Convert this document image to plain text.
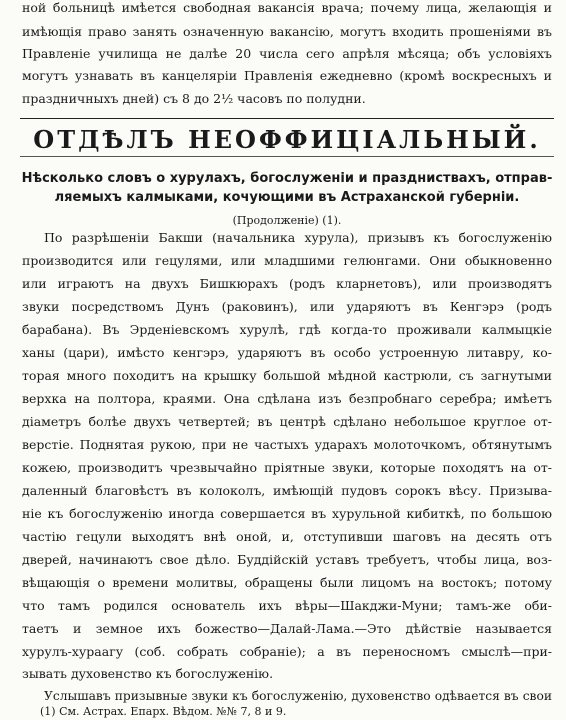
ной больницѣ имѣется свободная вакансія врача; почему лица, желающія и
имѣющія право занять означенную вакансію, могутъ входить прошеніями въ
Правленіе училища не далѣе 20 числа сего апрѣля мѣсяца; объ условіяхъ
могутъ узнавать въ канцеляріи Правленія ежедневно (кромѣ воскресныхъ и
праздничныхъ дней) съ 8 до 2½ часовъ по полудни.
ОТДѢЛЪ НЕОФФИЦІАЛЬНЫЙ.
Нѣсколько словъ о хурулахъ, богослуженіи и праздниствахъ, отправ-
ляемыхъ калмыками, кочующими въ Астраханской губерніи.
(Продолженіе) (1).
По разрѣшеніи Бакши (начальника хурула), призывъ къ богослуженію
производится или гецулями, или младшими гелюнгами. Они обыкновенно
или играютъ на двухъ Бишкюрахъ (родъ кларнетовъ), или производятъ
звуки посредствомъ Дунъ (раковинъ), или ударяютъ въ Кенгэрэ (родъ
барабана). Въ Эрдeніевскомъ хурулѣ, гдѣ когда-то проживали калмыцкіе
ханы (цари), имѣсто кенгэрэ, ударяютъ въ особо устроенную литавру, ко-
торая много походитъ на крышку большой мѣдной кастрюли, съ загнутыми
верхка на полтора, краями. Она сдѣлана изъ безпробнаго серебра; имѣетъ
діаметръ болѣе двухъ четвертей; въ центрѣ сдѣлано небольшое круглое от-
верстіе. Поднятая рукою, при не частыхъ ударахъ молоточкомъ, обтянутымъ
кожею, производитъ чрезвычайно пріятные звуки, которые походятъ на от-
даленный благовѣстъ въ колоколъ, имѣющій пудовъ сорокъ вѣсу. Призыва-
ніе къ богослуженію иногда совершается въ хурульной кибиткѣ, по большою
частію гецули выходятъ внѣ оной, и, отступивши шаговъ на десять отъ
дверей, начинаютъ свое дѣло. Буддійскій уставъ требуетъ, чтобы лица, воз-
вѣщающія о времени молитвы, обращены были лицомъ на востокъ; потому
что тамъ родился основатель ихъ вѣры—Шакджи-Муни; тамъ-же оби-
таетъ и земное ихъ божество—Далай-Лама.—Это дѣйствіе называется
хурулъ-хураагу (соб. собрать собраніе); а въ переносномъ смыслѣ—при-
зывать духовенство къ богослуженію.
Услышавъ призывные звуки къ богослуженію, духовенство одѣвается въ свои
(1) См. Астрах. Епарх. Вѣдом. №№ 7, 8 и 9.
